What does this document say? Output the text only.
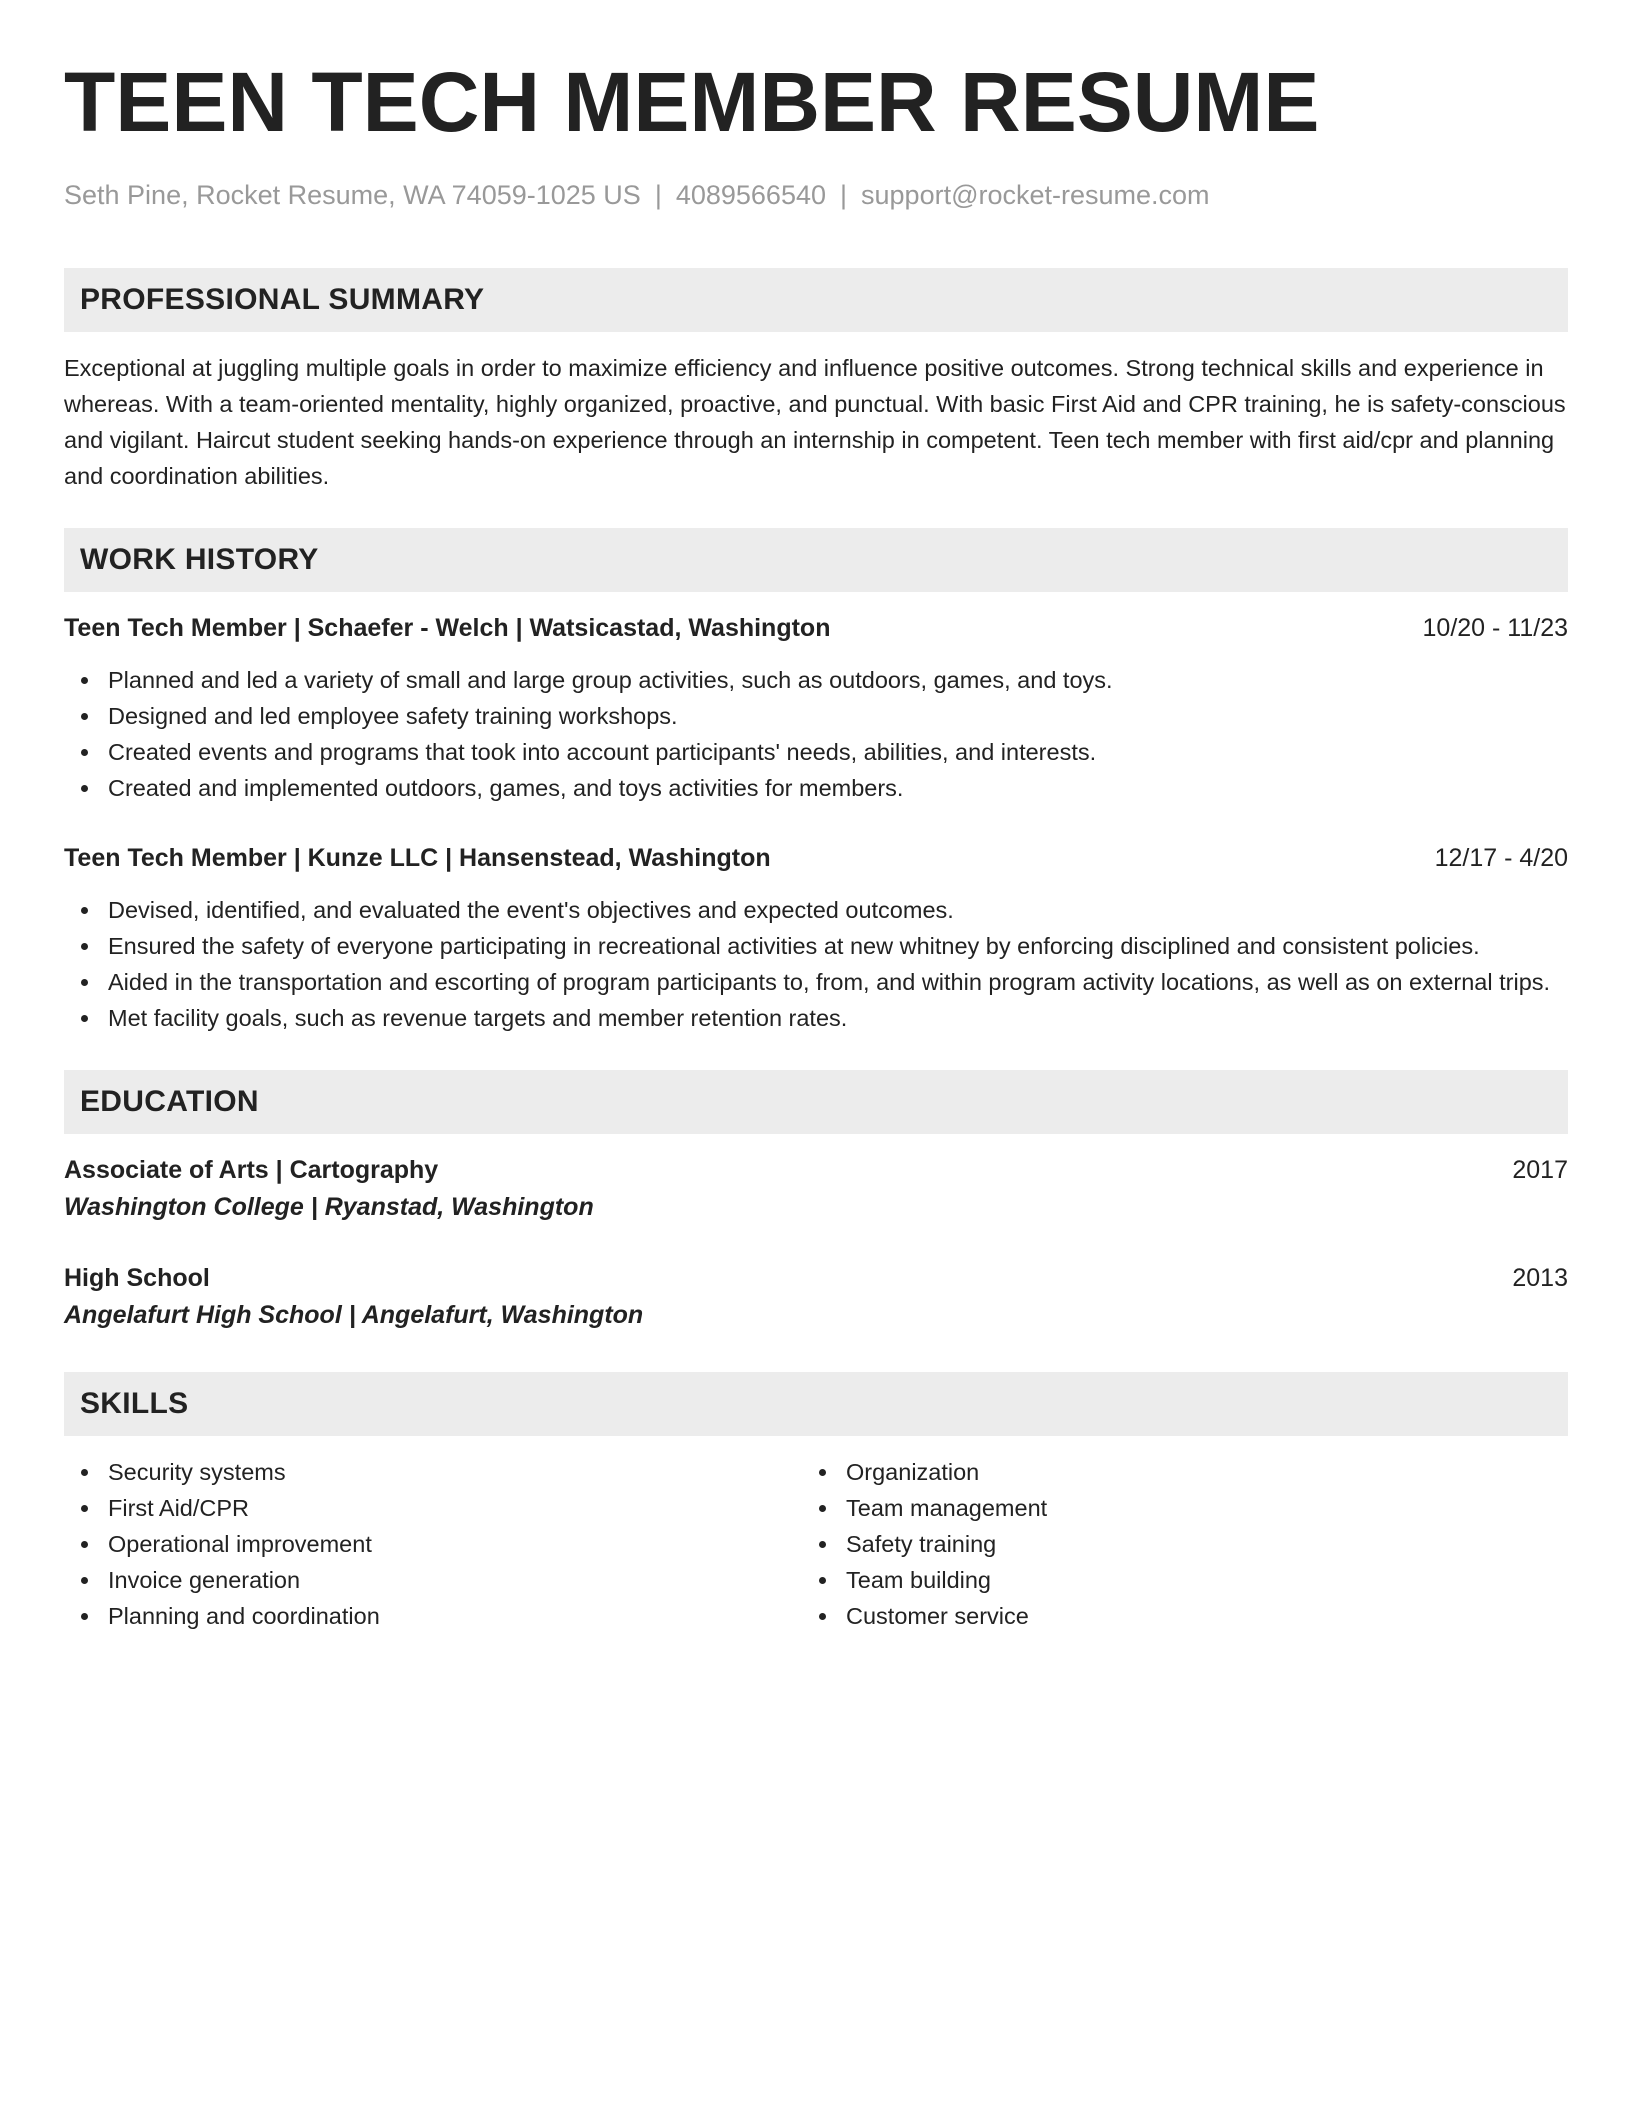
TEEN TECH MEMBER RESUME
Seth Pine, Rocket Resume, WA 74059-1025 US | 4089566540 | support@rocket-resume.com
PROFESSIONAL SUMMARY

Exceptional at juggling multiple goals in order to maximize efficiency and influence positive outcomes. Strong technical skills and experience in whereas. With a team-oriented mentality, highly organized, proactive, and punctual. With basic First Aid and CPR training, he is safety-conscious and vigilant. Haircut student seeking hands-on experience through an internship in competent. Teen tech member with first aid/cpr and planning and coordination abilities.

WORK HISTORY
Teen Tech Member | Schaefer - Welch | Watsicastad, Washington	10/20 - 11/23
Planned and led a variety of small and large group activities, such as outdoors, games, and toys.
Designed and led employee safety training workshops.
Created events and programs that took into account participants' needs, abilities, and interests.
Created and implemented outdoors, games, and toys activities for members.
Teen Tech Member | Kunze LLC | Hansenstead, Washington	12/17 - 4/20
Devised, identified, and evaluated the event's objectives and expected outcomes.
Ensured the safety of everyone participating in recreational activities at new whitney by enforcing disciplined and consistent policies.
Aided in the transportation and escorting of program participants to, from, and within program activity locations, as well as on external trips.
Met facility goals, such as revenue targets and member retention rates.
EDUCATION
Associate of Arts | Cartography	2017
Washington College | Ryanstad, Washington
High School	2013
Angelafurt High School | Angelafurt, Washington
SKILLS
Security systems
First Aid/CPR
Operational improvement
Invoice generation
Planning and coordination
Organization
Team management
Safety training
Team building
Customer service
